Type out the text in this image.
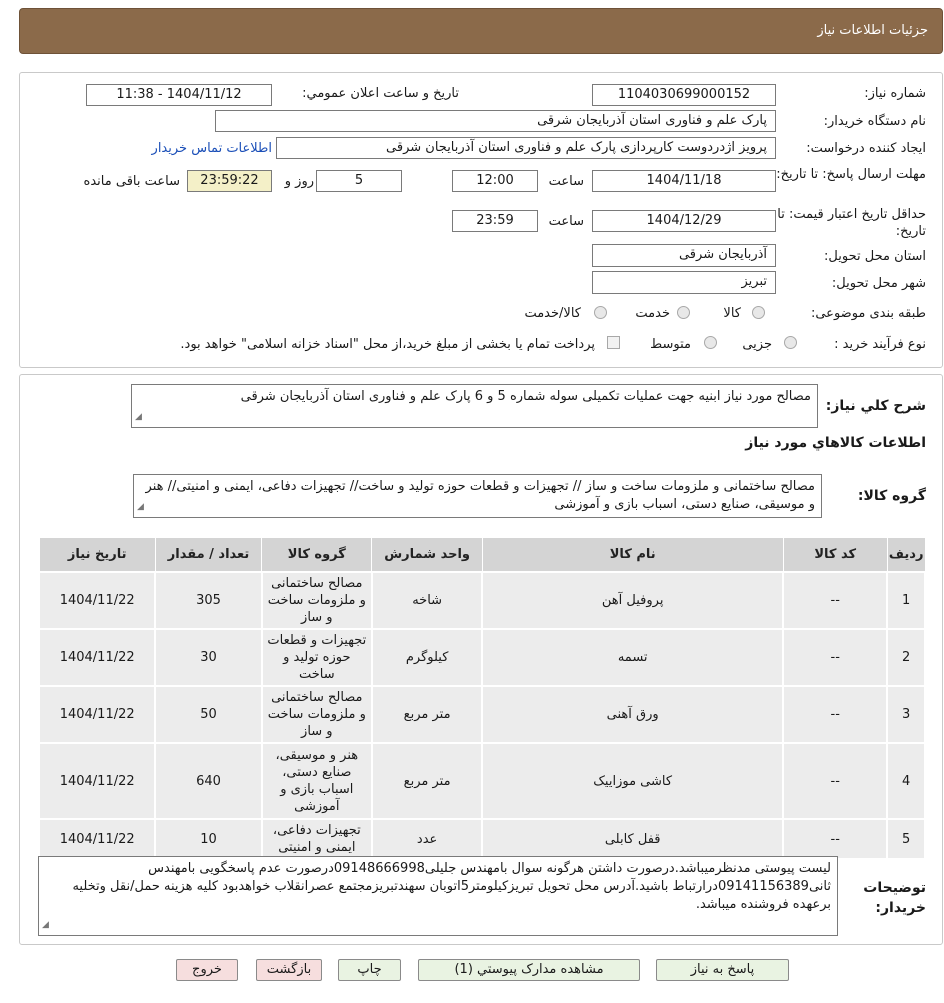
جزئیات اطلاعات نیاز
شماره نیاز:
1104030699000152
تاریخ و ساعت اعلان عمومي:
1404/11/12 - 11:38
نام دستگاه خریدار:
پارک علم و فناوری استان آذربایجان شرقی
ایجاد کننده درخواست:
پرویز اژدردوست کارپردازی پارک علم و فناوری استان آذربایجان شرقی
اطلاعات تماس خریدار
مهلت ارسال پاسخ: تا تاریخ:
1404/11/18
ساعت
12:00
5
روز و
23:59:22
ساعت باقی مانده
حداقل تاریخ اعتبار قیمت: تا تاریخ:
1404/12/29
ساعت
23:59
استان محل تحویل:
آذربایجان شرقی
شهر محل تحویل:
تبریز
طبقه بندی موضوعی:
کالا
خدمت
کالا/خدمت
نوع فرآیند خرید :
جزیی
متوسط
پرداخت تمام یا بخشی از مبلغ خرید،از محل "اسناد خزانه اسلامی" خواهد بود.
شرح کلي نياز:
مصالح مورد نیاز ابنیه جهت عملیات تکمیلی سوله شماره 5 و 6 پارک علم و فناوری استان آذربایجان شرقی
◢
اطلاعات کالاهاي مورد نياز
گروه کالا:
مصالح ساختمانی و ملزومات ساخت و ساز // تجهیزات و قطعات حوزه تولید و ساخت// تجهیزات دفاعی، ایمنی و امنیتی// هنر و موسیقی، صنایع دستی، اسباب بازی و آموزشی
◢
ردیف	کد کالا	نام کالا	واحد شمارش	گروه کالا	تعداد / مقدار	تاریخ نیاز
1	--	پروفیل آهن	شاخه	مصالح ساختمانی و ملزومات ساخت و ساز	305	1404/11/22
2	--	تسمه	کیلوگرم	تجهیزات و قطعات حوزه تولید و ساخت	30	1404/11/22
3	--	ورق آهنی	متر مربع	مصالح ساختمانی و ملزومات ساخت و ساز	50	1404/11/22
4	--	کاشی موزاییک	متر مربع	هنر و موسیقی، صنایع دستی، اسباب بازی و آموزشی	640	1404/11/22
5	--	قفل کابلی	عدد	تجهیزات دفاعی، ایمنی و امنیتی	10	1404/11/22
توضیحات خریدار:
لیست پیوستی مدنظرمیباشد.درصورت داشتن هرگونه سوال بامهندس جلیلی09148666998درصورت عدم پاسخگویی بامهندس ثانی09141156389درارتباط باشید.آدرس محل تحویل تبریزکیلومتر5اتوبان سهندتبریزمجتمع عصرانقلاب خواهدبود کلیه هزینه حمل/نقل وتخلیه برعهده فروشنده میباشد.
◢
پاسخ به نیاز
مشاهده مدارک پیوستي (1)
چاپ
بازگشت
خروج
